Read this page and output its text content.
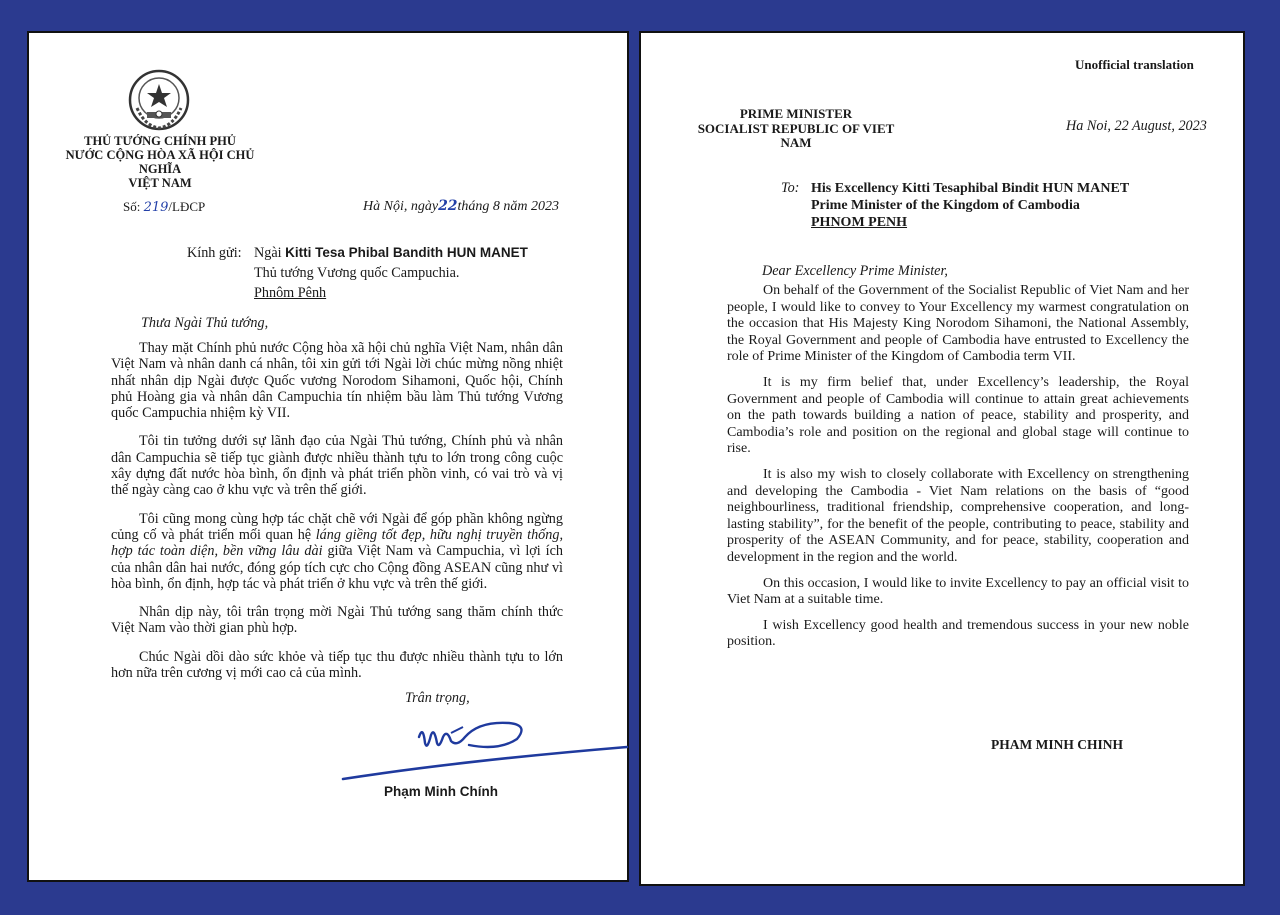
THỦ TƯỚNG CHÍNH PHỦ
NƯỚC CỘNG HÒA XÃ HỘI CHỦ NGHĨA
VIỆT NAM
Số: 219/LĐCP	Hà Nội, ngày22tháng 8 năm 2023
Kính gửi: Ngài Kitti Tesa Phibal Bandith HUN MANET
Thủ tướng Vương quốc Campuchia.
Phnôm Pênh
Thưa Ngài Thủ tướng,

Thay mặt Chính phủ nước Cộng hòa xã hội chủ nghĩa Việt Nam, nhân dân Việt Nam và nhân danh cá nhân, tôi xin gửi tới Ngài lời chúc mừng nồng nhiệt nhất nhân dịp Ngài được Quốc vương Norodom Sihamoni, Quốc hội, Chính phủ Hoàng gia và nhân dân Campuchia tín nhiệm bầu làm Thủ tướng Vương quốc Campuchia nhiệm kỳ VII.

Tôi tin tưởng dưới sự lãnh đạo của Ngài Thủ tướng, Chính phủ và nhân dân Campuchia sẽ tiếp tục giành được nhiều thành tựu to lớn trong công cuộc xây dựng đất nước hòa bình, ổn định và phát triển phồn vinh, có vai trò và vị thế ngày càng cao ở khu vực và trên thế giới.

Tôi cũng mong cùng hợp tác chặt chẽ với Ngài để góp phần không ngừng củng cố và phát triển mối quan hệ láng giềng tốt đẹp, hữu nghị truyền thống, hợp tác toàn diện, bền vững lâu dài giữa Việt Nam và Campuchia, vì lợi ích của nhân dân hai nước, đóng góp tích cực cho Cộng đồng ASEAN cũng như vì hòa bình, ổn định, hợp tác và phát triển ở khu vực và trên thế giới.

Nhân dịp này, tôi trân trọng mời Ngài Thủ tướng sang thăm chính thức Việt Nam vào thời gian phù hợp.

Chúc Ngài dồi dào sức khỏe và tiếp tục thu được nhiều thành tựu to lớn hơn nữa trên cương vị mới cao cả của mình.

Trân trọng,
Phạm Minh Chính
Unofficial translation
PRIME MINISTER
SOCIALIST REPUBLIC OF VIET NAM
Ha Noi, 22 August, 2023
To: His Excellency Kitti Tesaphibal Bindit HUN MANET
Prime Minister of the Kingdom of Cambodia
PHNOM PENH
Dear Excellency Prime Minister,

On behalf of the Government of the Socialist Republic of Viet Nam and her people, I would like to convey to Your Excellency my warmest congratulation on the occasion that His Majesty King Norodom Sihamoni, the National Assembly, the Royal Government and people of Cambodia have entrusted to Excellency the role of Prime Minister of the Kingdom of Cambodia term VII.

It is my firm belief that, under Excellency’s leadership, the Royal Government and people of Cambodia will continue to attain great achievements on the path towards building a nation of peace, stability and prosperity, and Cambodia’s role and position on the regional and global stage will continue to rise.

It is also my wish to closely collaborate with Excellency on strengthening and developing the Cambodia - Viet Nam relations on the basis of “good neighbourliness, traditional friendship, comprehensive cooperation, and long-lasting stability”, for the benefit of the people, contributing to peace, stability and prosperity of the ASEAN Community, and for peace, stability, cooperation and development in the region and the world.

On this occasion, I would like to invite Excellency to pay an official visit to Viet Nam at a suitable time.

I wish Excellency good health and tremendous success in your new noble position.

PHAM MINH CHINH
